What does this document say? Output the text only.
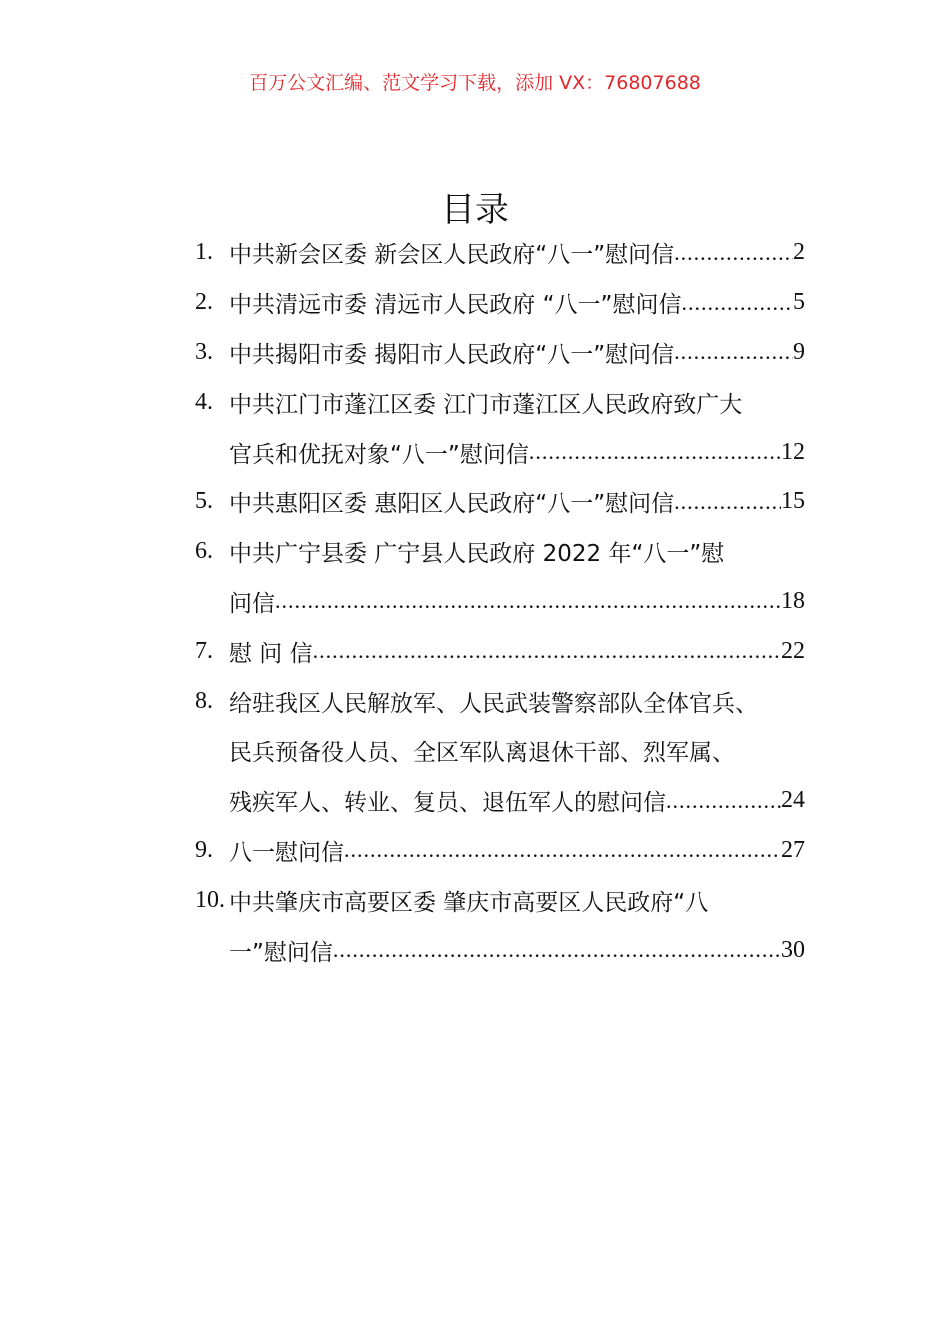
百万公文汇编、范文学习下载，添加 VX：76807688
目录
1. 中共新会区委 新会区人民政府“八一”慰问信 .....	2
2. 中共清远市委 清远市人民政府 “八一”慰问信 .....	5
3. 中共揭阳市委 揭阳市人民政府“八一”慰问信 .....	9
4. 中共江门市蓬江区委 江门市蓬江区人民政府致广大
官兵和优抚对象“八一”慰问信 .....	12
5. 中共惠阳区委 惠阳区人民政府“八一”慰问信 .....	15
6. 中共广宁县委 广宁县人民政府 2022 年“八一”慰
问信 .....	18
7. 慰 问 信 .....	22
8. 给驻我区人民解放军、人民武装警察部队全体官兵、
民兵预备役人员、全区军队离退休干部、烈军属、
残疾军人、转业、复员、退伍军人的慰问信 .....	24
9. 八一慰问信 .....	27
10. 中共肇庆市高要区委 肇庆市高要区人民政府“八
一”慰问信 .....	30
